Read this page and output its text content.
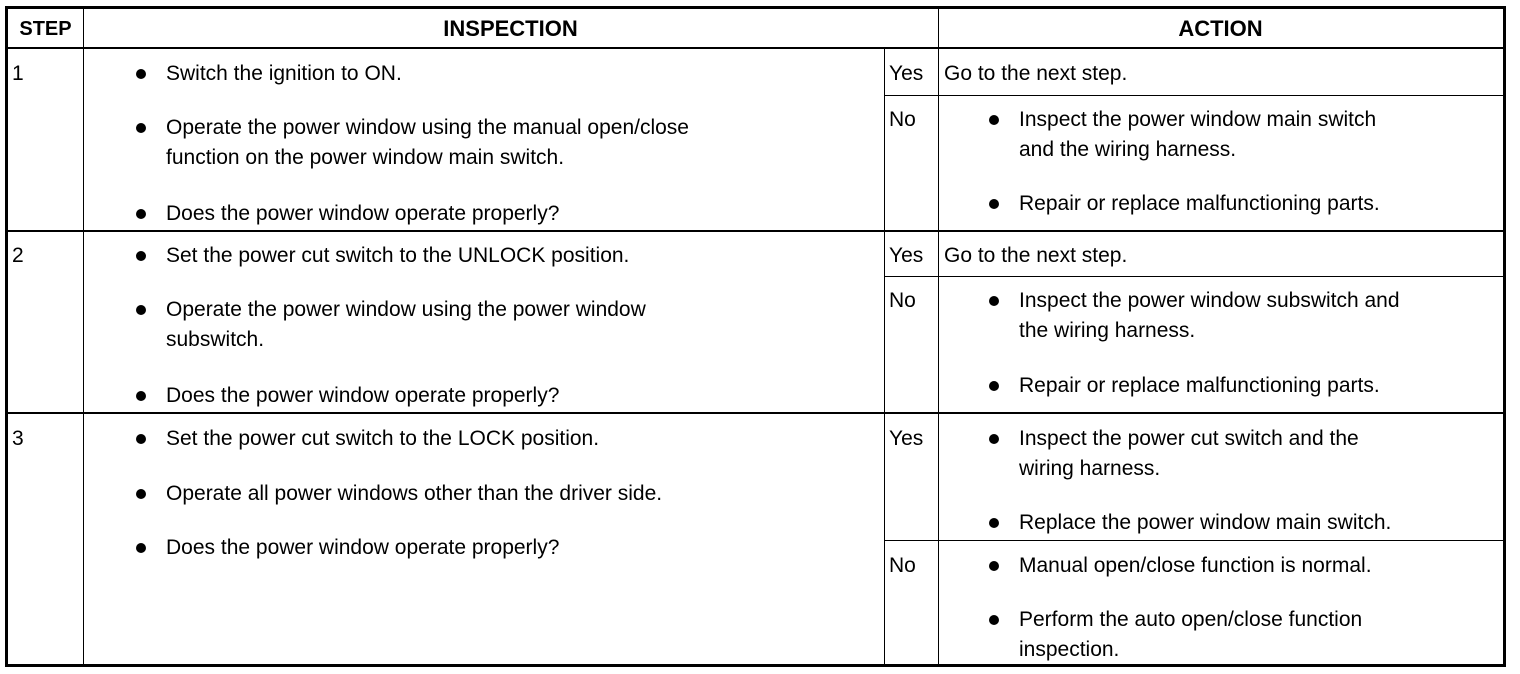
STEP	INSPECTION	ACTION
1	Switch the ignition to ON.
Operate the power window using the manual open/close
function on the power window main switch.
Does the power window operate properly?
Yes Go to the next step.
No	Inspect the power window main switch
and the wiring harness.
Repair or replace malfunctioning parts.
2	Set the power cut switch to the UNLOCK position.
Operate the power window using the power window
subswitch.
Does the power window operate properly?
Yes Go to the next step.
No	Inspect the power window subswitch and
the wiring harness.
Repair or replace malfunctioning parts.
3	Set the power cut switch to the LOCK position.
Operate all power windows other than the driver side.
Does the power window operate properly?
Yes	Inspect the power cut switch and the
wiring harness.
Replace the power window main switch.
No	Manual open/close function is normal.
Perform the auto open/close function
inspection.
